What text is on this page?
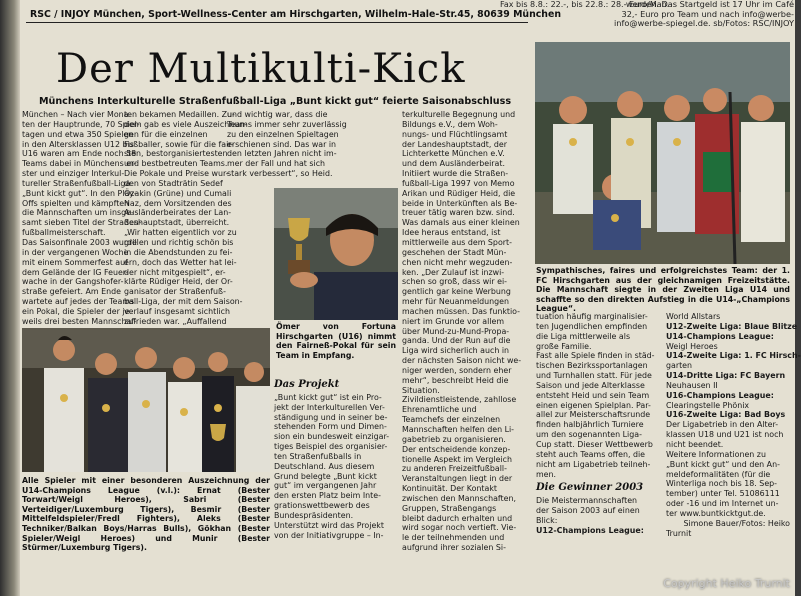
Fax bis 8.8.: 22.-, bis 22.8.: 28.- Euro/Man.
RSC / INJOY München, Sport-Wellness-Center am Hirschgarten, Wilhelm-Hale-Str.45, 80639 München
werden. Das Startgeld ist 17 Uhr im Café
32,- Euro pro Team und nach info@werbe-
info@werbe-spiegel.de. sb/Fotos: RSC/INJOY
Der Multikulti-Kick
Münchens Interkulturelle Straßenfußball-Liga „Bunt kickt gut“ feierte Saisonabschluss
Sympathisches, faires und erfolgreichstes Team: der 1. FC Hirschgarten aus der gleichnamigen Freizeitstätte. Die Mannschaft siegte in der Zweiten Liga U14 und schaffte so den direkten Aufstieg in die U14-„Champions League“.
München – Nach vier Mona-
ten der Hauptrunde, 70 Spiel-
tagen und etwa 350 Spielen
in den Altersklassen U12 bis
U16 waren am Ende noch 58
Teams dabei in Münchens er-
ster und einziger Interkul-
tureller Straßenfußball-Liga
„Bunt kickt gut“. In den Play-
Offs spielten und kämpften
die Mannschaften um insge-
samt sieben Titel der Straßen-
fußballmeisterschaft.
Das Saisonfinale 2003 wurde
in der vergangenen Woche
mit einem Sommerfest auf
dem Gelände der IG Feuer-
wache in der Gangshofer-
straße gefeiert. Am Ende
wartete auf jedes der Teams
ein Pokal, die Spieler der je-
weils drei besten Mannschaf-
ten bekamen Medaillen. Zu-
dem gab es viele Auszeichnun-
gen für die einzelnen
Fußballer, sowie für die fair-
sten, bestorganisiertesten
und bestbetreuten Teams.
Die Pokale und Preise wur-
den von Stadträtin Sedef
Özakin (Grüne) und Cumali
Naz, dem Vorsitzenden des
Ausländerbeirates der Lan-
deshauptstadt, überreicht.
„Wir hatten eigentlich vor zu
grillen und richtig schön bis
in die Abendstunden zu fei-
ern, doch das Wetter hat lei-
der nicht mitgespielt“, er-
klärte Rüdiger Heid, der Or-
ganisator der Straßenfuß-
ball-Liga, der mit dem Saison-
verlauf insgesamt sichtlich
zufrieden war. „Auffallend
und wichtig war, dass die
Teams immer sehr zuverlässig
zu den einzelnen Spieltagen
erschienen sind. Das war in
den letzten Jahren nicht im-
mer der Fall und hat sich
stark verbessert“, so Heid.
Ömer von Fortuna Hirschgarten (U16) nimmt den Fairneß-Pokal für sein Team in Empfang.
Alle Spieler mit einer besonderen Auszeichnung der U14-Champions League (v.l.): Ernat (Bester Torwart/Weigl Heroes), Sabri (Bester Verteidiger/Luxemburg Tigers), Besmir (Bester Mittelfeldspieler/Fredl Fighters), Aleks (Bester Techniker/Balkan Boys/Harras Bulls), Gökhan (Bester Spieler/Weigl Heroes) und Munir (Bester Stürmer/Luxemburg Tigers).
Das Projekt
„Bunt kickt gut“ ist ein Pro-
jekt der Interkulturellen Ver-
ständigung und in seiner be-
stehenden Form und Dimen-
sion ein bundesweit einzigar-
tiges Beispiel des organisier-
ten Straßenfußballs in
Deutschland. Aus diesem
Grund belegte „Bunt kickt
gut“ im vergangenen Jahr
den ersten Platz beim Inte-
grationswettbewerb des
Bundespräsidenten.
Unterstützt wird das Projekt
von der Initiativgruppe – In-
terkulturelle Begegnung und
Bildungs e.V., dem Woh-
nungs- und Flüchtlingsamt
der Landeshauptstadt, der
Lichterkette München e.V.
und dem Ausländerbeirat.
Initiiert wurde die Straßen-
fußball-Liga 1997 von Memo
Arikan und Rüdiger Heid, die
beide in Unterkünften als Be-
treuer tätig waren bzw. sind.
Was damals aus einer kleinen
Idee heraus entstand, ist
mittlerweile aus dem Sport-
geschehen der Stadt Mün-
chen nicht mehr wegzuden-
ken. „Der Zulauf ist inzwi-
schen so groß, dass wir ei-
gentlich gar keine Werbung
mehr für Neuanmeldungen
machen müssen. Das funktio-
niert im Grunde vor allem
über Mund-zu-Mund-Propa-
ganda. Und der Run auf die
Liga wird sicherlich auch in
der nächsten Saison nicht we-
niger werden, sondern eher
mehr“, beschreibt Heid die
Situation.
Zivildienstleistende, zahllose
Ehrenamtliche und
Teamchefs der einzelnen
Mannschaften helfen den Li-
gabetrieb zu organisieren.
Der entscheidende konzep-
tionelle Aspekt im Vergleich
zu anderen Freizeitfußball-
Veranstaltungen liegt in der
Kontinuität. Der Kontakt
zwischen den Mannschaften,
Gruppen, Straßengangs
bleibt dadurch erhalten und
wird sogar noch vertieft. Vie-
le der teilnehmenden und
aufgrund ihrer sozialen Si-
tuation häufig marginalisier-
ten Jugendlichen empfinden
die Liga mittlerweile als
große Familie.
Fast alle Spiele finden in städ-
tischen Bezirkssportanlagen
und Turnhallen statt. Für jede
Saison und jede Alterklasse
entsteht Heid und sein Team
einen eigenen Spielplan. Par-
allel zur Meisterschaftsrunde
finden halbjährlich Turniere
um den sogenannten Liga-
Cup statt. Dieser Wettbewerb
steht auch Teams offen, die
nicht am Ligabetrieb teilneh-
men.
Die Gewinner 2003
Die Meistermannschaften
der Saison 2003 auf einen
Blick:
U12-Champions League:
World Allstars
U12-Zweite Liga: Blaue Blitze
U14-Champions League:
Weigl Heroes
U14-Zweite Liga: 1. FC Hirsch-
garten
U14-Dritte Liga: FC Bayern
Neuhausen II
U16-Champions League:
Clearingstelle Phönix
U16-Zweite Liga: Bad Boys
Der Ligabetrieb in den Alter-
klassen U18 und U21 ist noch
nicht beendet.
Weitere Informationen zu
„Bunt kickt gut“ und den An-
meldeformalitäten (für die
Winterliga noch bis 18. Sep-
tember) unter Tel. 51086111
oder -16 und im Internet un-
ter www.buntkicktgut.de.
Simone Bauer/Fotos: Heiko
Trurnit
Copyright Heiko Trurnit
